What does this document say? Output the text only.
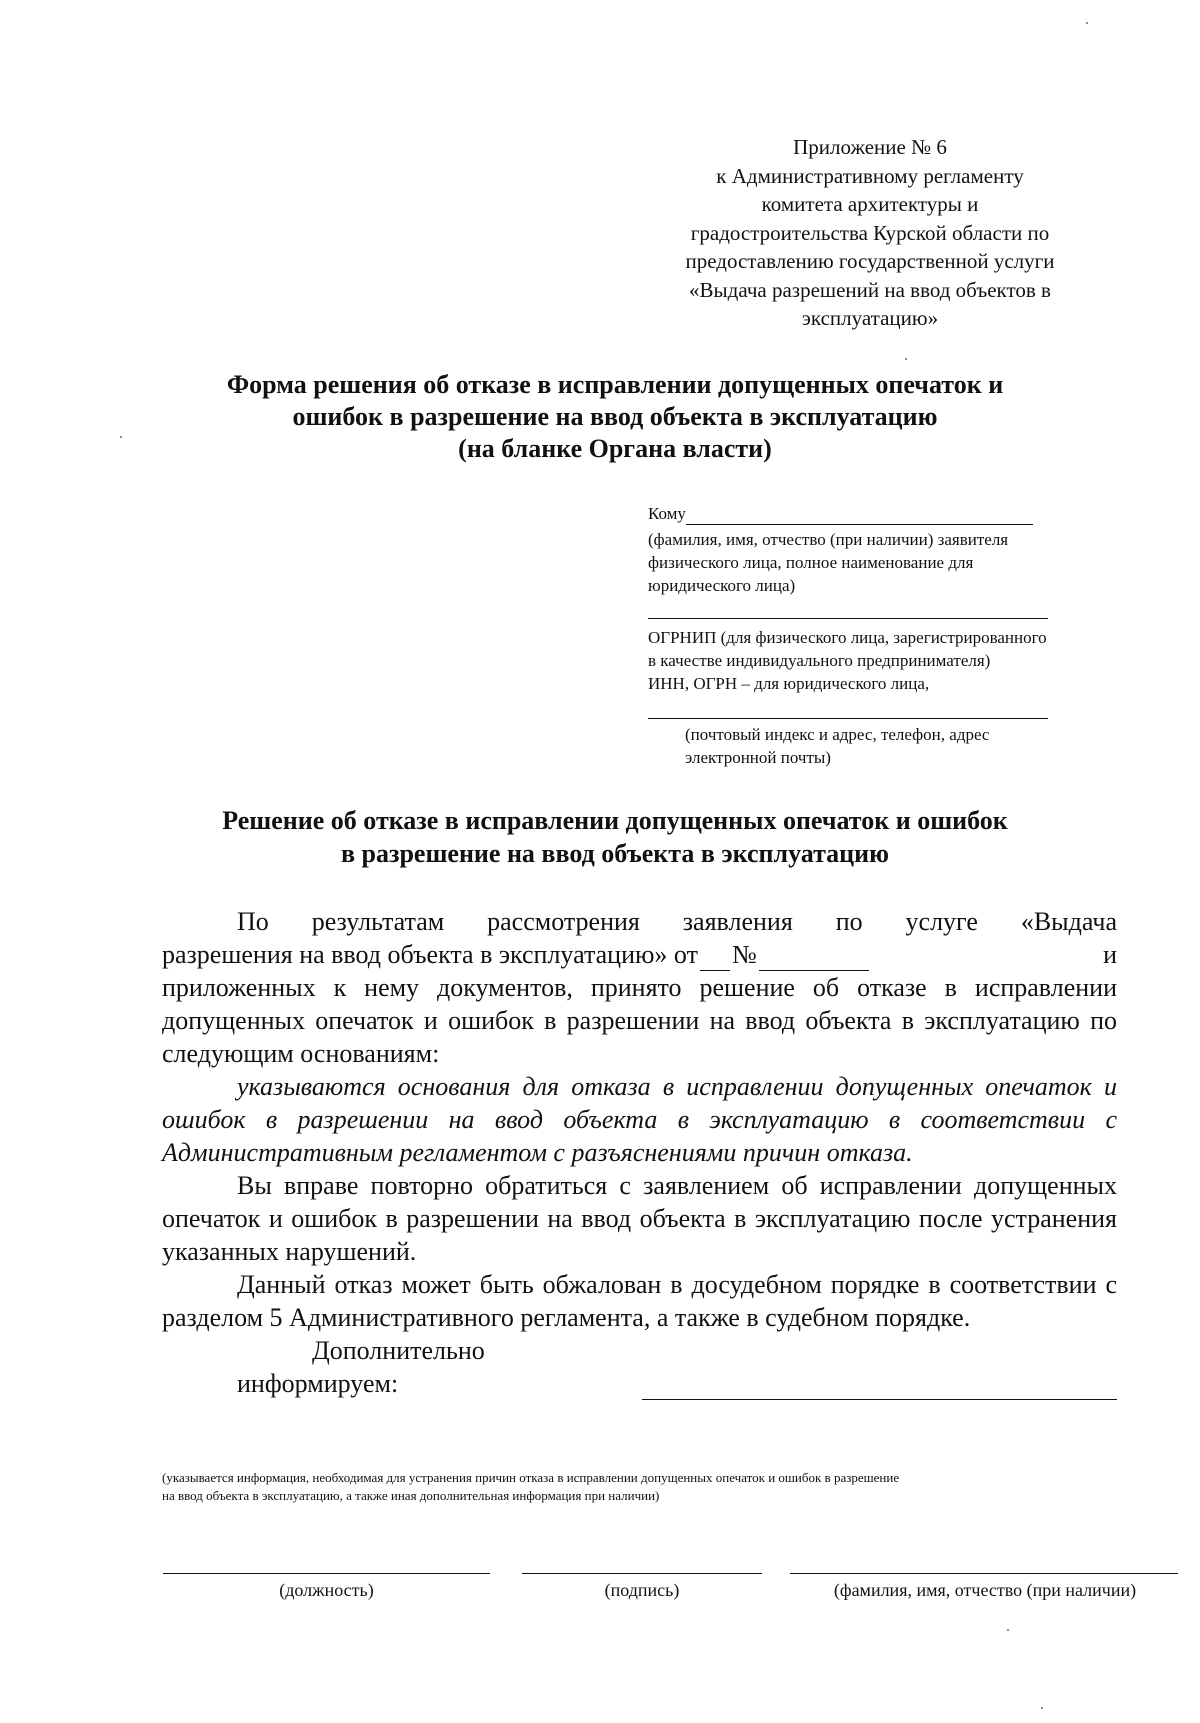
Приложение № 6
к Административному регламенту
комитета архитектуры и
градостроительства Курской области по
предоставлению государственной услуги
«Выдача разрешений на ввод объектов в
эксплуатацию»
Форма решения об отказе в исправлении допущенных опечаток и
ошибок в разрешение на ввод объекта в эксплуатацию
(на бланке Органа власти)
Кому
(фамилия, имя, отчество (при наличии) заявителя
физического лица, полное наименование для
юридического лица)
ОГРНИП (для физического лица, зарегистрированного
в качестве индивидуального предпринимателя)
ИНН, ОГРН – для юридического лица,
(почтовый индекс и адрес, телефон, адрес
электронной почты)
Решение об отказе в исправлении допущенных опечаток и ошибок
в разрешение на ввод объекта в эксплуатацию

По результатам рассмотрения заявления по услуге «Выдача

разрешения на ввод объекта в эксплуатацию» от №	и

приложенных к нему документов, принято решение об отказе в исправлении допущенных опечаток и ошибок в разрешении на ввод объекта в эксплуатацию по следующим основаниям:

указываются основания для отказа в исправлении допущенных опечаток и ошибок в разрешении на ввод объекта в эксплуатацию в соответствии с Административным регламентом с разъяснениями причин отказа.

Вы вправе повторно обратиться с заявлением об исправлении допущенных опечаток и ошибок в разрешении на ввод объекта в эксплуатацию после устранения указанных нарушений.

Данный отказ может быть обжалован в досудебном порядке в соответствии с разделом 5 Административного регламента, а также в судебном порядке.

Дополнительно информируем:

(указывается информация, необходимая для устранения причин отказа в исправлении допущенных опечаток и ошибок в разрешение
на ввод объекта в эксплуатацию, а также иная дополнительная информация при наличии)
(должность)	(подпись)	(фамилия, имя, отчество (при наличии)
